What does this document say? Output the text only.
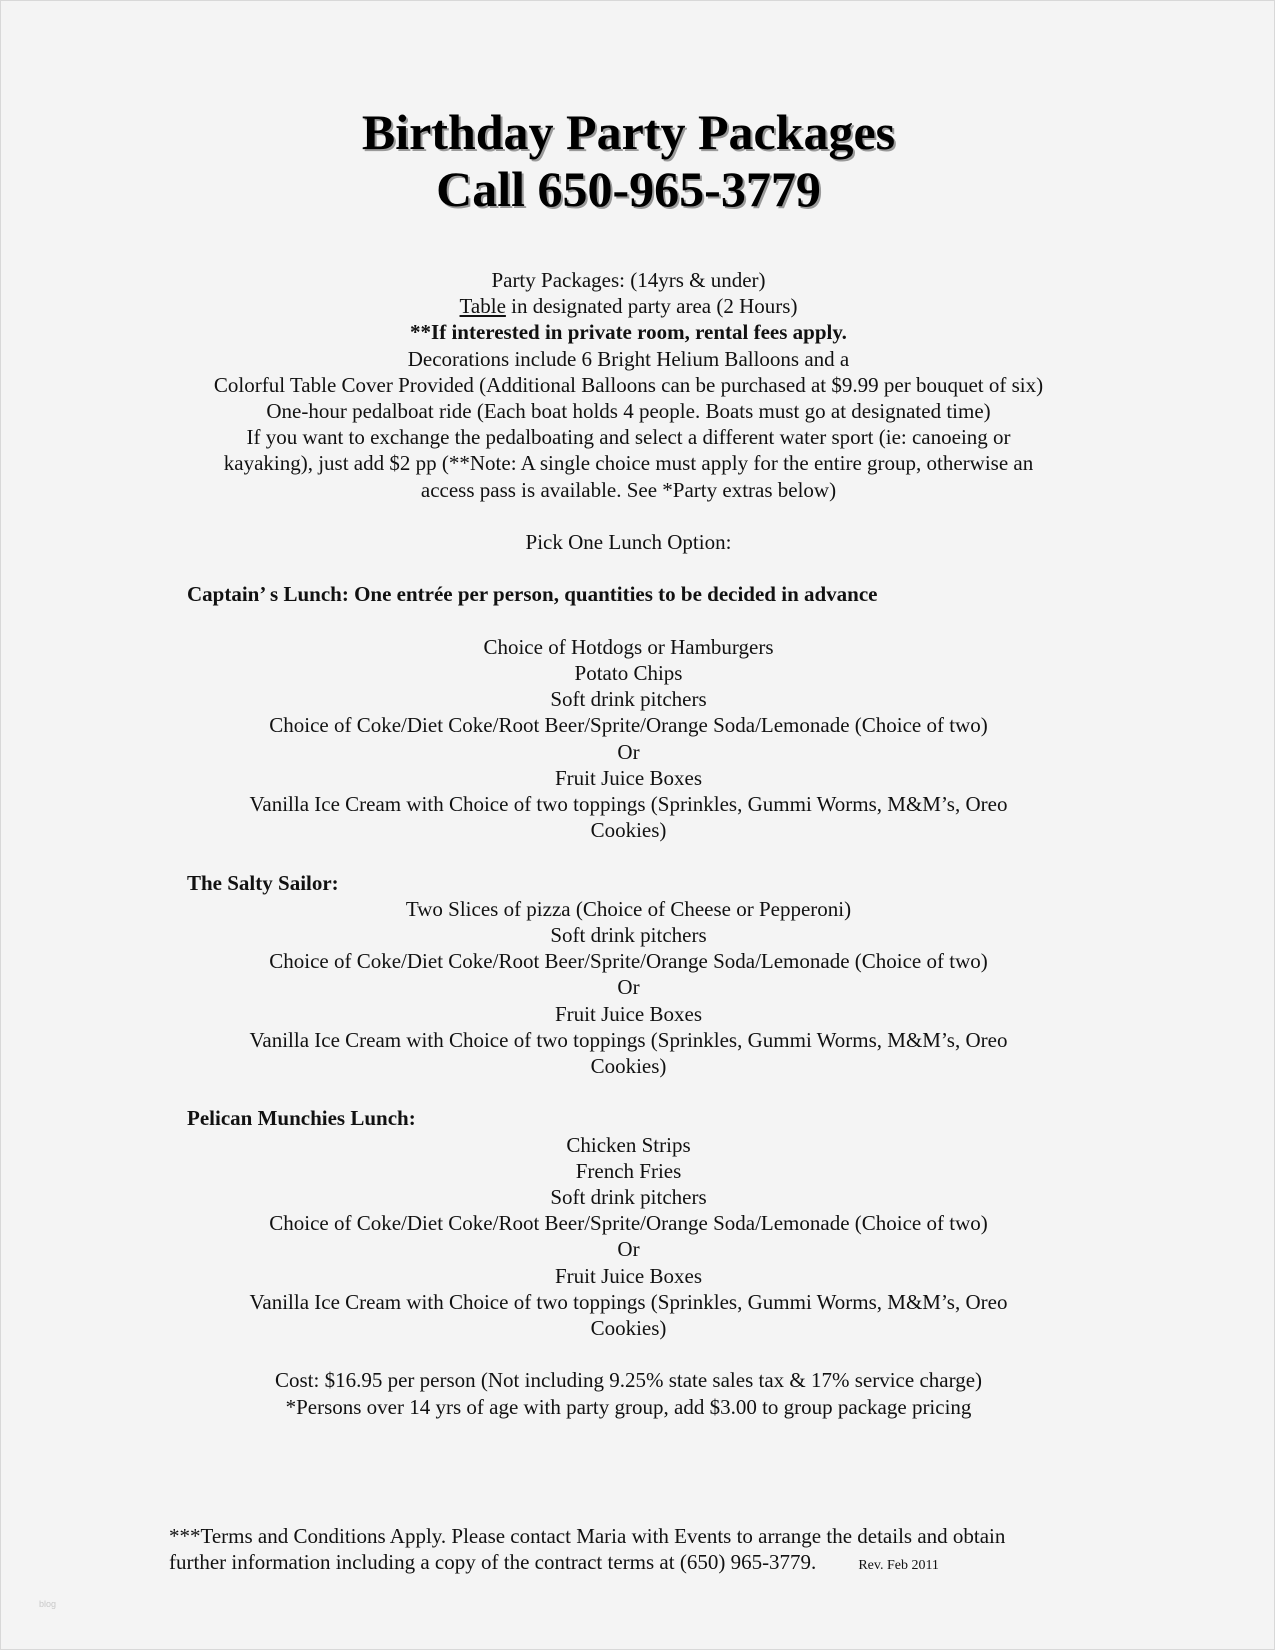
Birthday Party Packages
Call 650-965-3779

Party Packages: (14yrs & under)

Table in designated party area (2 Hours)

**If interested in private room, rental fees apply.

Decorations include 6 Bright Helium Balloons and a

Colorful Table Cover Provided (Additional Balloons can be purchased at $9.99 per bouquet of six)

One-hour pedalboat ride (Each boat holds 4 people. Boats must go at designated time)

If you want to exchange the pedalboating and select a different water sport (ie: canoeing or

kayaking), just add $2 pp (**Note: A single choice must apply for the entire group, otherwise an

access pass is available. See *Party extras below)

Pick One Lunch Option:

Captain’ s Lunch: One entrée per person, quantities to be decided in advance

Choice of Hotdogs or Hamburgers

Potato Chips

Soft drink pitchers

Choice of Coke/Diet Coke/Root Beer/Sprite/Orange Soda/Lemonade (Choice of two)

Or

Fruit Juice Boxes

Vanilla Ice Cream with Choice of two toppings (Sprinkles, Gummi Worms, M&M’s, Oreo

Cookies)

The Salty Sailor:

Two Slices of pizza (Choice of Cheese or Pepperoni)

Soft drink pitchers

Choice of Coke/Diet Coke/Root Beer/Sprite/Orange Soda/Lemonade (Choice of two)

Or

Fruit Juice Boxes

Vanilla Ice Cream with Choice of two toppings (Sprinkles, Gummi Worms, M&M’s, Oreo

Cookies)

Pelican Munchies Lunch:

Chicken Strips

French Fries

Soft drink pitchers

Choice of Coke/Diet Coke/Root Beer/Sprite/Orange Soda/Lemonade (Choice of two)

Or

Fruit Juice Boxes

Vanilla Ice Cream with Choice of two toppings (Sprinkles, Gummi Worms, M&M’s, Oreo

Cookies)

Cost: $16.95 per person (Not including 9.25% state sales tax & 17% service charge)

*Persons over 14 yrs of age with party group, add $3.00 to group package pricing

***Terms and Conditions Apply. Please contact Maria with Events to arrange the details and obtain
further information including a copy of the contract terms at (650) 965-3779.	Rev. Feb 2011
blog
